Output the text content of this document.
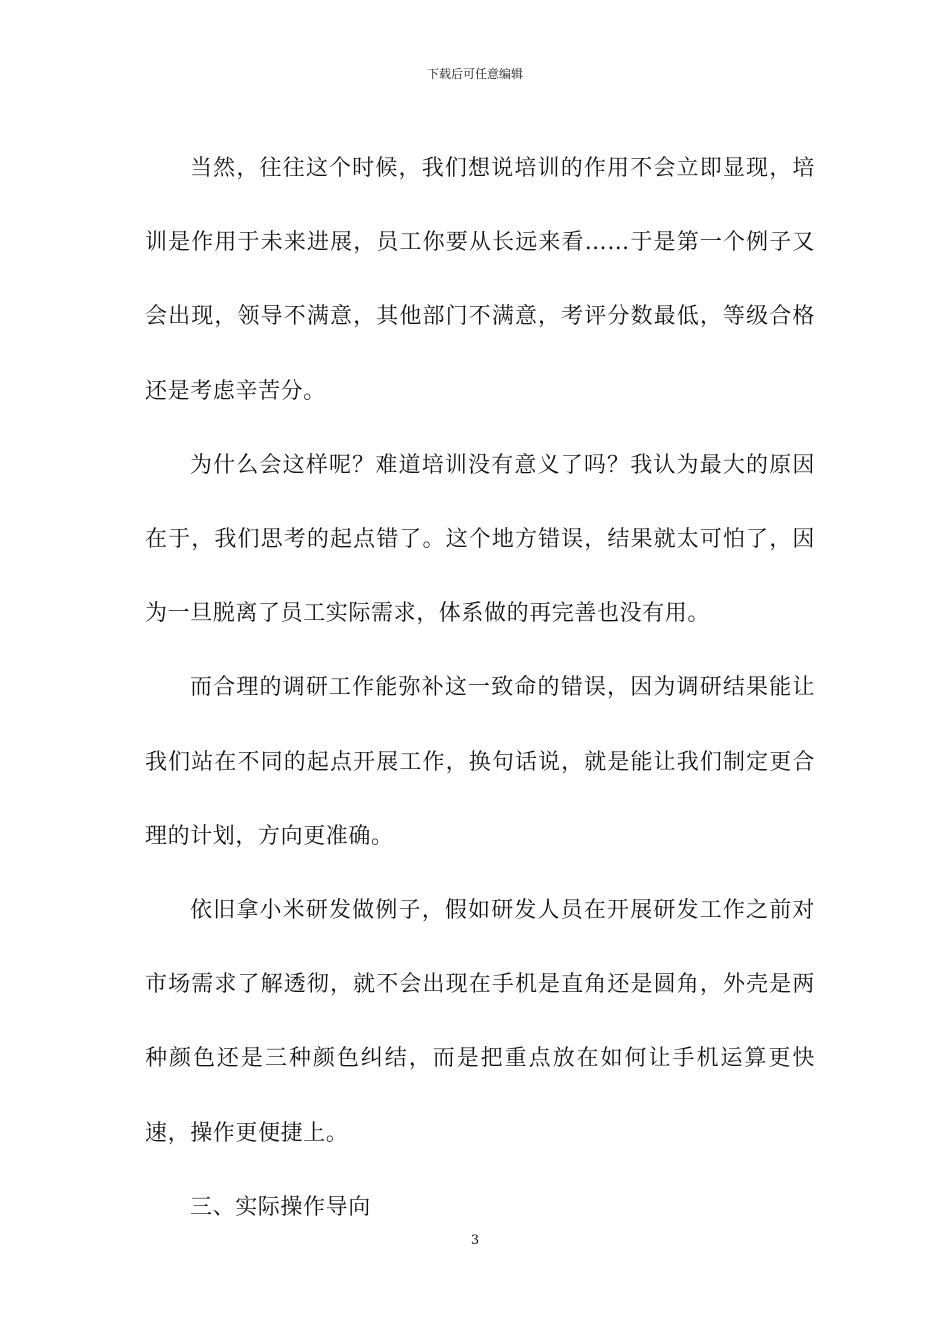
下载后可任意编辑

当然，往往这个时候，我们想说培训的作用不会立即显现，培训是作用于未来进展，员工你要从长远来看……于是第一个例子又会出现，领导不满意，其他部门不满意，考评分数最低，等级合格还是考虑辛苦分。

为什么会这样呢？难道培训没有意义了吗？我认为最大的原因在于，我们思考的起点错了。这个地方错误，结果就太可怕了，因为一旦脱离了员工实际需求，体系做的再完善也没有用。

而合理的调研工作能弥补这一致命的错误，因为调研结果能让我们站在不同的起点开展工作，换句话说，就是能让我们制定更合理的计划，方向更准确。

依旧拿小米研发做例子，假如研发人员在开展研发工作之前对市场需求了解透彻，就不会出现在手机是直角还是圆角，外壳是两种颜色还是三种颜色纠结，而是把重点放在如何让手机运算更快速，操作更便捷上。

三、实际操作导向

3
